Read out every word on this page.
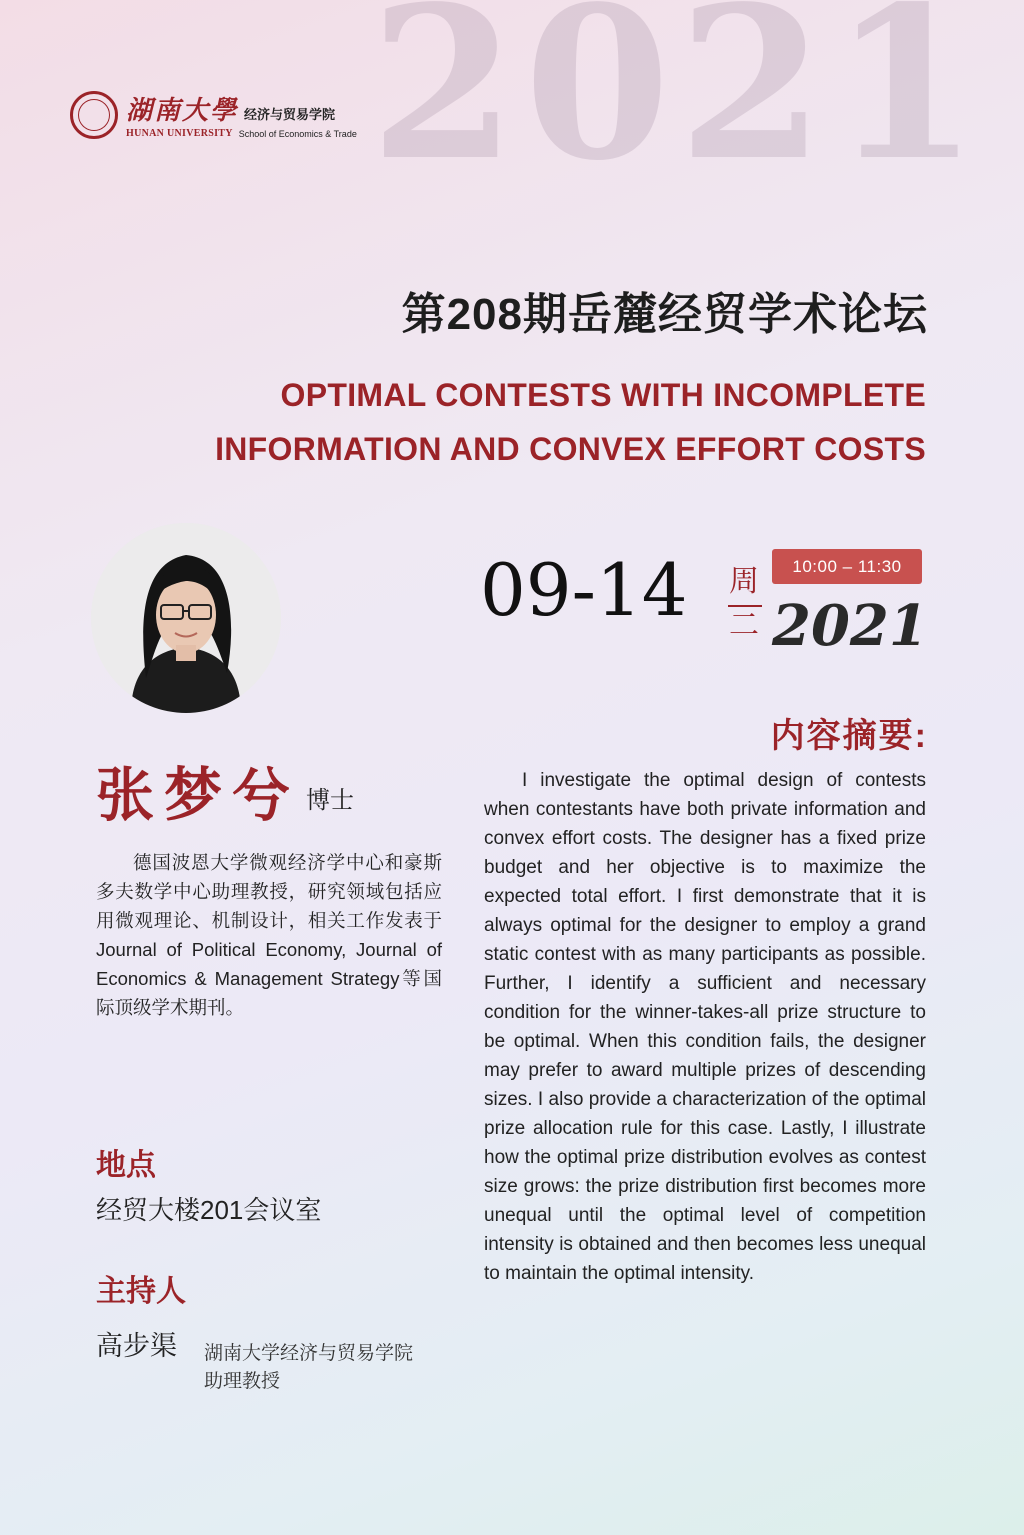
2021
湖南大學 经济与贸易学院
HUNAN UNIVERSITY School of Economics & Trade
第208期岳麓经贸学术论坛
OPTIMAL CONTESTS WITH INCOMPLETE
INFORMATION AND CONVEX EFFORT COSTS
张梦兮 博士
德国波恩大学微观经济学中心和豪斯多夫数学中心助理教授，研究领域包括应用微观理论、机制设计，相关工作发表于Journal of Political Economy, Journal of Economics & Management Strategy等国际顶级学术期刊。
地点
经贸大楼201会议室
主持人
高步渠 湖南大学经济与贸易学院
助理教授
09-14 周
二
10:00 – 11:30
2021
内容摘要:
I investigate the optimal design of contests when contestants have both private information and convex effort costs. The designer has a fixed prize budget and her objective is to maximize the expected total effort. I first demonstrate that it is always optimal for the designer to employ a grand static contest with as many participants as possible. Further, I identify a sufficient and necessary condition for the winner-takes-all prize structure to be optimal. When this condition fails, the designer may prefer to award multiple prizes of descending sizes. I also provide a characterization of the optimal prize allocation rule for this case. Lastly, I illustrate how the optimal prize distribution evolves as contest size grows: the prize distribution first becomes more unequal until the optimal level of competition intensity is obtained and then becomes less unequal to maintain the optimal intensity.
